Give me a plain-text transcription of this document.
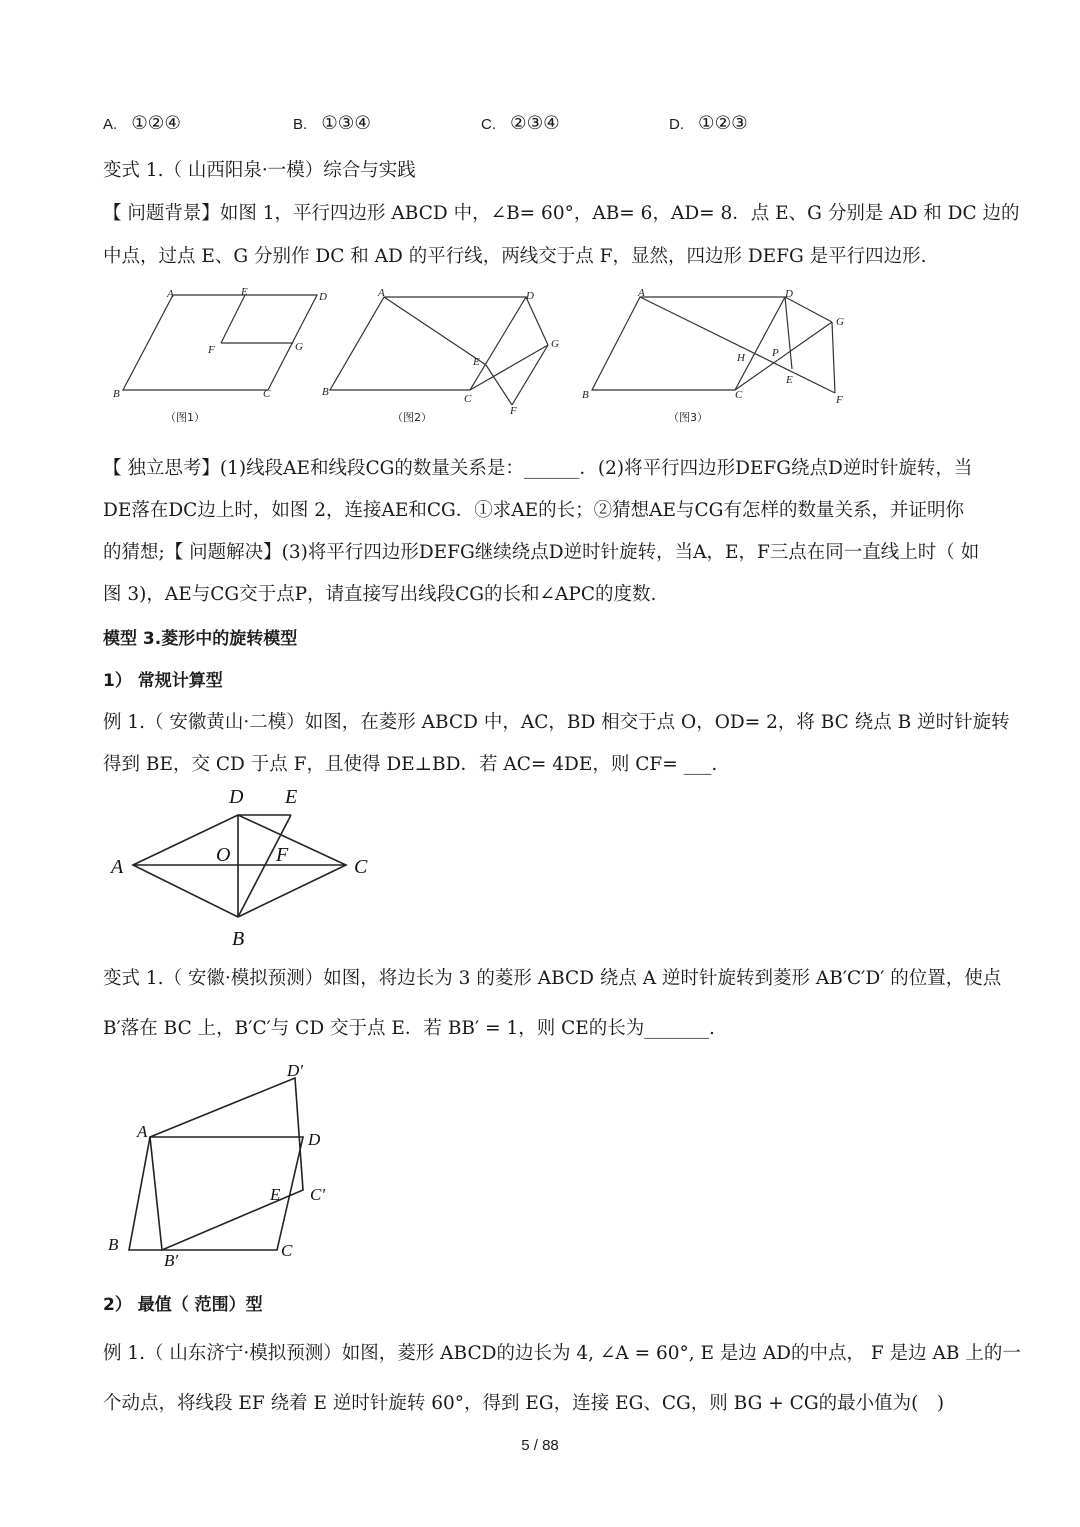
A. ①②④	B. ①③④	C. ②③④	D. ①②③
变式 1.（ 山西阳泉·一模）综合与实践
【 问题背景】如图 1，平行四边形 ABCD 中，∠B= 60°，AB= 6，AD= 8．点 E、G 分别是 AD 和 DC 边的
中点，过点 E、G 分别作 DC 和 AD 的平行线，两线交于点 F，显然，四边形 DEFG 是平行四边形.
A	E	D
F	G
B	C
（图1）
A	D
E
G
B
C
F
（图2）
A	D
G
H P
E
B	C	F
（图3）
【 独立思考】(1)线段AE和线段CG的数量关系是：______．(2)将平行四边形DEFG绕点D逆时针旋转，当
DE落在DC边上时，如图 2，连接AE和CG．①求AE的长；②猜想AE与CG有怎样的数量关系，并证明你
的猜想;【 问题解决】(3)将平行四边形DEFG继续绕点D逆时针旋转，当A，E，F三点在同一直线上时（ 如
图 3)，AE与CG交于点P，请直接写出线段CG的长和∠APC的度数.
模型 3.菱形中的旋转模型
1） 常规计算型
例 1.（ 安徽黄山·二模）如图，在菱形 ABCD 中，AC，BD 相交于点 O，OD= 2，将 BC 绕点 B 逆时针旋转
得到 BE，交 CD 于点 F，且使得 DE⊥BD．若 AC= 4DE，则 CF= ___.
D E
A
O F
C
B
变式 1.（ 安徽·模拟预测）如图，将边长为 3 的菱形 ABCD 绕点 A 逆时针旋转到菱形 AB′C′D′ 的位置，使点
B′落在 BC 上，B′C′与 CD 交于点 E．若 BB′ = 1，则 CE的长为_______.
D′
A	D
E C′
B
B′
C
2） 最值（ 范围）型
例 1.（ 山东济宁·模拟预测）如图，菱形 ABCD的边长为 4, ∠A = 60°, E 是边 AD的中点， F 是边 AB 上的一
个动点，将线段 EF 绕着 E 逆时针旋转 60°，得到 EG，连接 EG、CG，则 BG + CG的最小值为(　)
5 / 88
